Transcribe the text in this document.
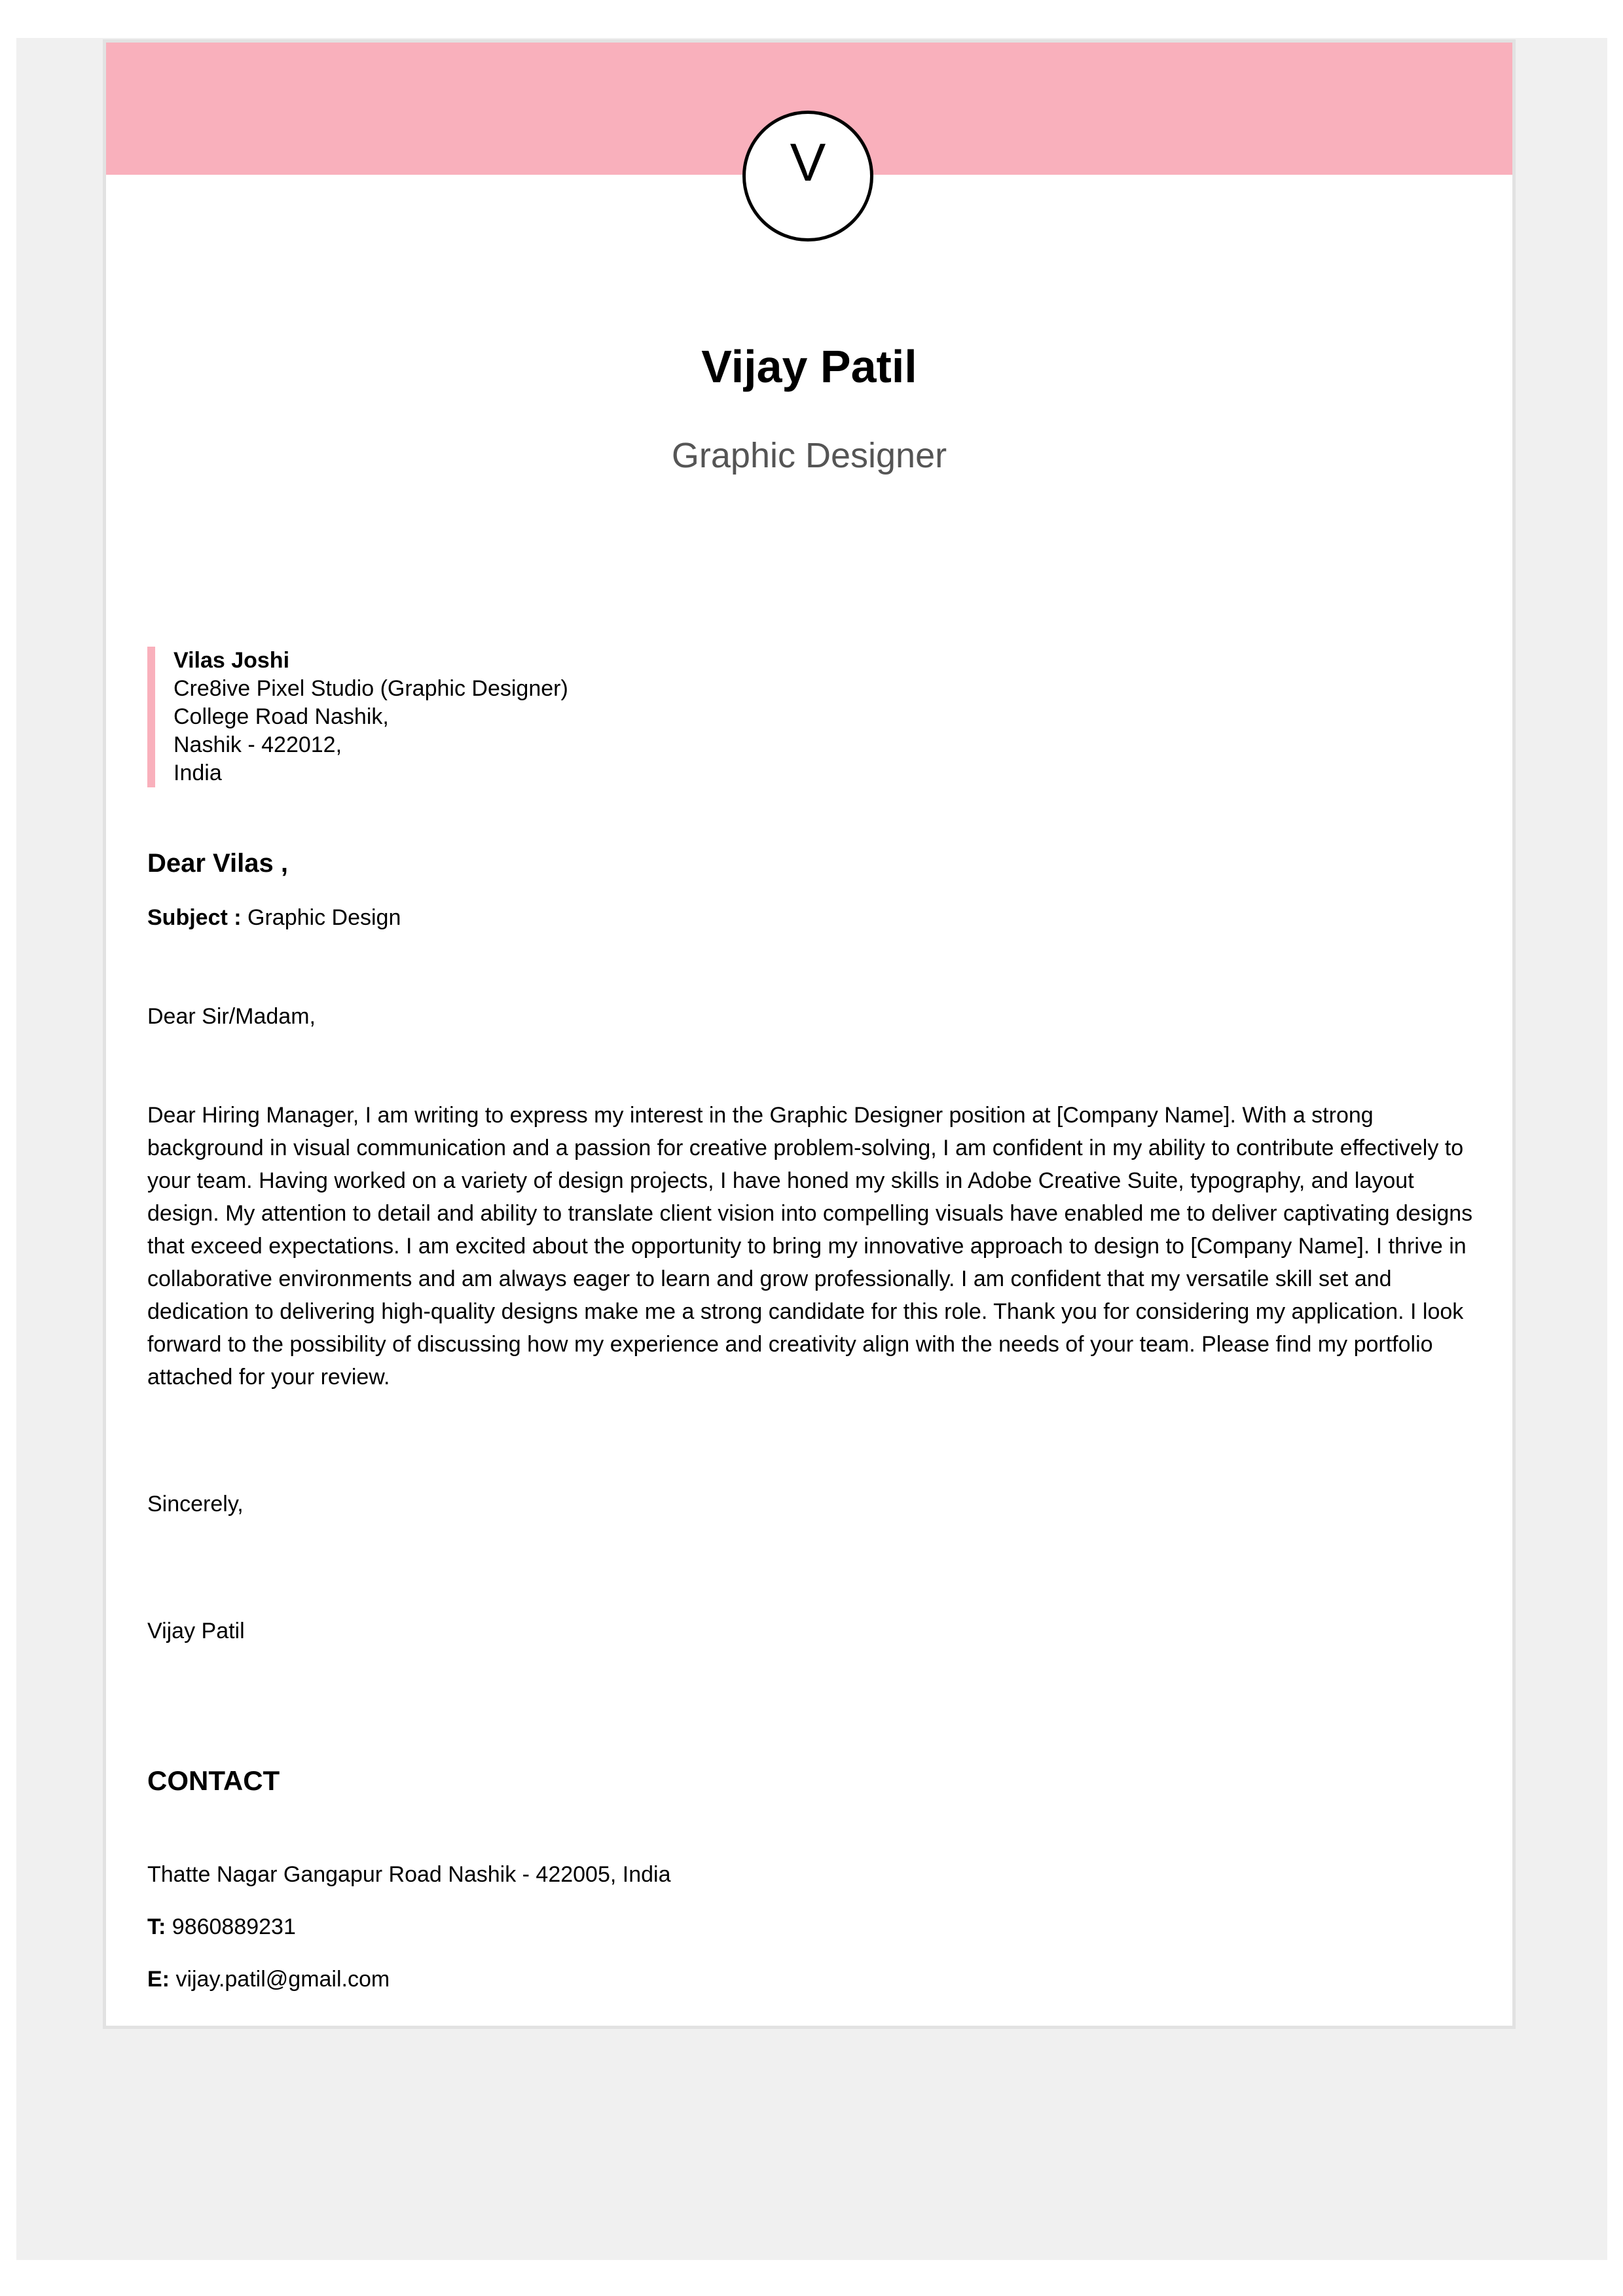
V
Vijay Patil
Graphic Designer
Vilas Joshi
Cre8ive Pixel Studio (Graphic Designer)
College Road Nashik,
Nashik - 422012,
India
Dear Vilas ,
Subject : Graphic Design
Dear Sir/Madam,
Dear Hiring Manager, I am writing to express my interest in the Graphic Designer position at [Company Name]. With a strong background in visual communication and a passion for creative problem-solving, I am confident in my ability to contribute effectively to your team. Having worked on a variety of design projects, I have honed my skills in Adobe Creative Suite, typography, and layout design. My attention to detail and ability to translate client vision into compelling visuals have enabled me to deliver captivating designs that exceed expectations. I am excited about the opportunity to bring my innovative approach to design to [Company Name]. I thrive in collaborative environments and am always eager to learn and grow professionally. I am confident that my versatile skill set and dedication to delivering high-quality designs make me a strong candidate for this role. Thank you for considering my application. I look forward to the possibility of discussing how my experience and creativity align with the needs of your team. Please find my portfolio attached for your review.
Sincerely,
Vijay Patil
CONTACT
Thatte Nagar Gangapur Road Nashik - 422005, India
T: 9860889231
E: vijay.patil@gmail.com
